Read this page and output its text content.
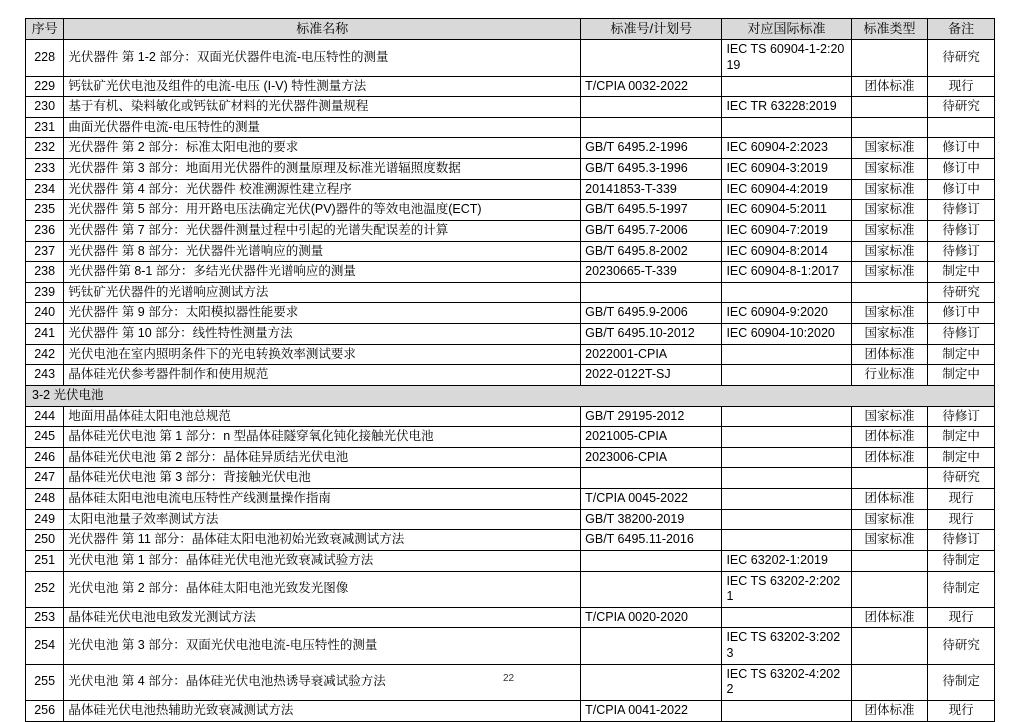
序号	标准名称	标准号/计划号	对应国际标准	标准类型	备注
228	光伏器件 第 1-2 部分：双面光伏器件电流-电压特性的测量		IEC TS 60904-1-2:2019		待研究
229	钙钛矿光伏电池及组件的电流-电压 (I-V) 特性测量方法	T/CPIA 0032-2022		团体标准	现行
230	基于有机、染料敏化或钙钛矿材料的光伏器件测量规程		IEC TR 63228:2019		待研究
231	曲面光伏器件电流-电压特性的测量				
232	光伏器件 第 2 部分：标准太阳电池的要求	GB/T 6495.2-1996	IEC 60904-2:2023	国家标准	修订中
233	光伏器件 第 3 部分：地面用光伏器件的测量原理及标准光谱辐照度数据	GB/T 6495.3-1996	IEC 60904-3:2019	国家标准	修订中
234	光伏器件 第 4 部分：光伏器件 校准溯源性建立程序	20141853-T-339	IEC 60904-4:2019	国家标准	修订中
235	光伏器件 第 5 部分：用开路电压法确定光伏(PV)器件的等效电池温度(ECT)	GB/T 6495.5-1997	IEC 60904-5:2011	国家标准	待修订
236	光伏器件 第 7 部分：光伏器件测量过程中引起的光谱失配误差的计算	GB/T 6495.7-2006	IEC 60904-7:2019	国家标准	待修订
237	光伏器件 第 8 部分：光伏器件光谱响应的测量	GB/T 6495.8-2002	IEC 60904-8:2014	国家标准	待修订
238	光伏器件第 8-1 部分：多结光伏器件光谱响应的测量	20230665-T-339	IEC 60904-8-1:2017	国家标准	制定中
239	钙钛矿光伏器件的光谱响应测试方法				待研究
240	光伏器件 第 9 部分：太阳模拟器性能要求	GB/T 6495.9-2006	IEC 60904-9:2020	国家标准	修订中
241	光伏器件 第 10 部分：线性特性测量方法	GB/T 6495.10-2012	IEC 60904-10:2020	国家标准	待修订
242	光伏电池在室内照明条件下的光电转换效率测试要求	2022001-CPIA		团体标准	制定中
243	晶体硅光伏参考器件制作和使用规范	2022-0122T-SJ		行业标准	制定中
3-2 光伏电池					
244	地面用晶体硅太阳电池总规范	GB/T 29195-2012		国家标准	待修订
245	晶体硅光伏电池 第 1 部分：n 型晶体硅隧穿氧化钝化接触光伏电池	2021005-CPIA		团体标准	制定中
246	晶体硅光伏电池 第 2 部分：晶体硅异质结光伏电池	2023006-CPIA		团体标准	制定中
247	晶体硅光伏电池 第 3 部分：背接触光伏电池				待研究
248	晶体硅太阳电池电流电压特性产线测量操作指南	T/CPIA 0045-2022		团体标准	现行
249	太阳电池量子效率测试方法	GB/T 38200-2019		国家标准	现行
250	光伏器件 第 11 部分：晶体硅太阳电池初始光致衰减测试方法	GB/T 6495.11-2016		国家标准	待修订
251	光伏电池 第 1 部分：晶体硅光伏电池光致衰减试验方法		IEC 63202-1:2019		待制定
252	光伏电池 第 2 部分：晶体硅太阳电池光致发光图像		IEC TS 63202-2:2021		待制定
253	晶体硅光伏电池电致发光测试方法	T/CPIA 0020-2020		团体标准	现行
254	光伏电池 第 3 部分：双面光伏电池电流-电压特性的测量		IEC TS 63202-3:2023		待研究
255	光伏电池 第 4 部分：晶体硅光伏电池热诱导衰减试验方法		IEC TS 63202-4:2022		待制定
256	晶体硅光伏电池热辅助光致衰减测试方法	T/CPIA 0041-2022		团体标准	现行
22
